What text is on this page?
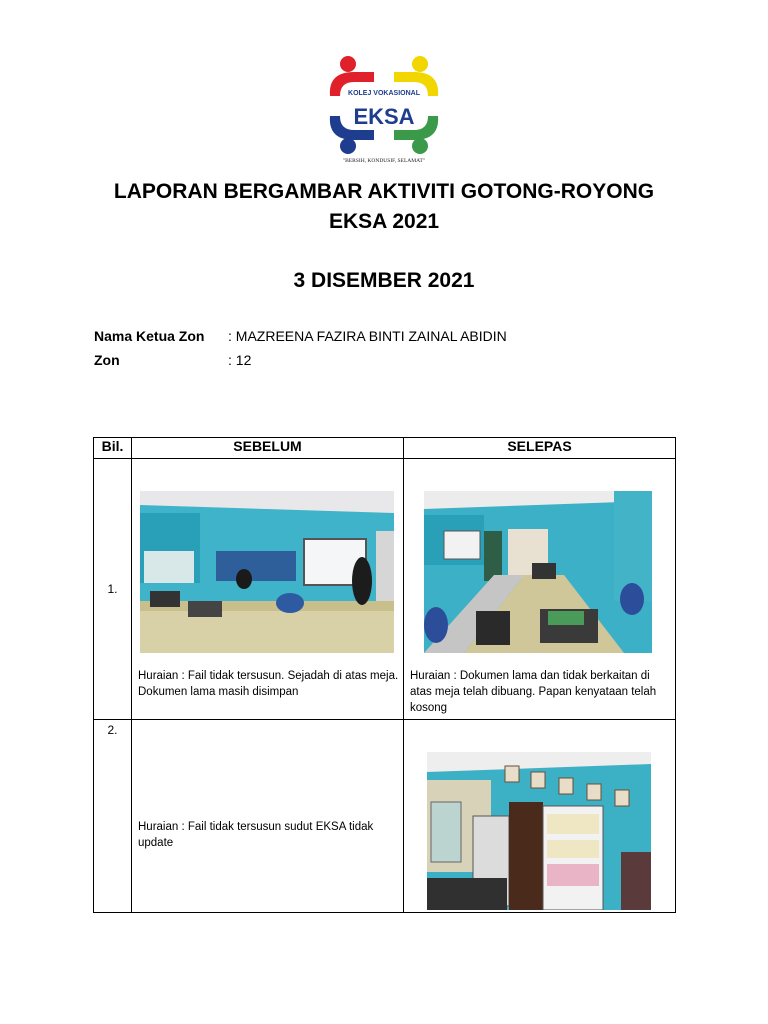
KOLEJ VOKASIONAL
EKSA
"BERSIH, KONDUSIF, SELAMAT"
LAPORAN BERGAMBAR AKTIVITI GOTONG-ROYONG
EKSA 2021
3 DISEMBER 2021
Nama Ketua Zon : MAZREENA FAZIRA BINTI ZAINAL ABIDIN
Zon	: 12
Bil.	SEBELUM	SELEPAS

1.	Huraian : Fail tidak tersusun. Sejadah di atas meja. Dokumen lama masih disimpan	Huraian : Dokumen lama dan tidak berkaitan di atas meja telah dibuang. Papan kenyataan telah kosong

2.	Huraian : Fail tidak tersusun sudut EKSA tidak update
